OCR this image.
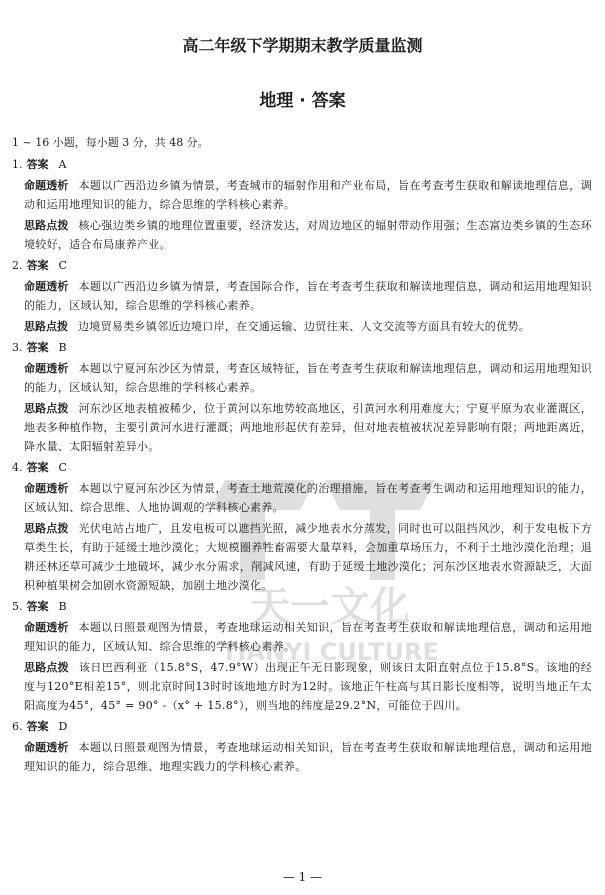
天一文化
TIANYI CULTURE
高二年级下学期期末教学质量监测
地理 · 答案
1 ~ 16 小题，每小题 3 分，共 48 分。
1. 答案 A
命题透析 本题以广西沿边乡镇为情景，考查城市的辐射作用和产业布局，旨在考查考生获取和解读地理信息，调动和运用地理知识的能力，综合思维的学科核心素养。
思路点拨 核心强边类乡镇的地理位置重要，经济发达，对周边地区的辐射带动作用强；生态富边类乡镇的生态环境较好，适合布局康养产业。
2. 答案 C
命题透析 本题以广西沿边乡镇为情景，考查国际合作，旨在考查考生获取和解读地理信息，调动和运用地理知识的能力，区域认知，综合思维的学科核心素养。
思路点拨 边境贸易类乡镇邻近边境口岸，在交通运输、边贸往来、人文交流等方面具有较大的优势。
3. 答案 B
命题透析 本题以宁夏河东沙区为情景，考查区域特征，旨在考查考生获取和解读地理信息，调动和运用地理知识的能力，区域认知，综合思维的学科核心素养。
思路点拨 河东沙区地表植被稀少，位于黄河以东地势较高地区，引黄河水利用难度大；宁夏平原为农业灌溉区，地表多种植作物，主要引黄河水进行灌溉；两地地形起伏有差异，但对地表植被状况差异影响有限；两地距离近，降水量、太阳辐射差异小。
4. 答案 C
命题透析 本题以宁夏河东沙区为情景，考查土地荒漠化的治理措施，旨在考查考生调动和运用地理知识的能力，区域认知、综合思维、人地协调观的学科核心素养。
思路点拨 光伏电站占地广，且发电板可以遮挡光照，减少地表水分蒸发，同时也可以阻挡风沙，利于发电板下方草类生长，有助于延缓土地沙漠化；大规模圈养牲畜需要大量草料，会加重草场压力，不利于土地沙漠化治理；退耕还林还草可减少土地破坏，减少水分需求，削减风速，有助于延缓土地沙漠化；河东沙区地表水资源缺乏，大面积种植果树会加剧水资源短缺，加剧土地沙漠化。
5. 答案 B
命题透析 本题以日照景观图为情景，考查地球运动相关知识，旨在考查考生获取和解读地理信息，调动和运用地理知识的能力，区域认知、综合思维的学科核心素养。
思路点拨 该日巴西利亚（15.8°S，47.9°W）出现正午无日影现象，则该日太阳直射点位于15.8°S。该地的经度与120°E相差15°，则北京时间13时时该地地方时为12时。该地正午柱高与其日影长度相等，说明当地正午太阳高度为45°，45° = 90° -（x° + 15.8°），则当地的纬度是29.2°N，可能位于四川。
6. 答案 D
命题透析 本题以日照景观图为情景，考查地球运动相关知识，旨在考查考生获取和解读地理信息，调动和运用地理知识的能力，综合思维、地理实践力的学科核心素养。
— 1 —
